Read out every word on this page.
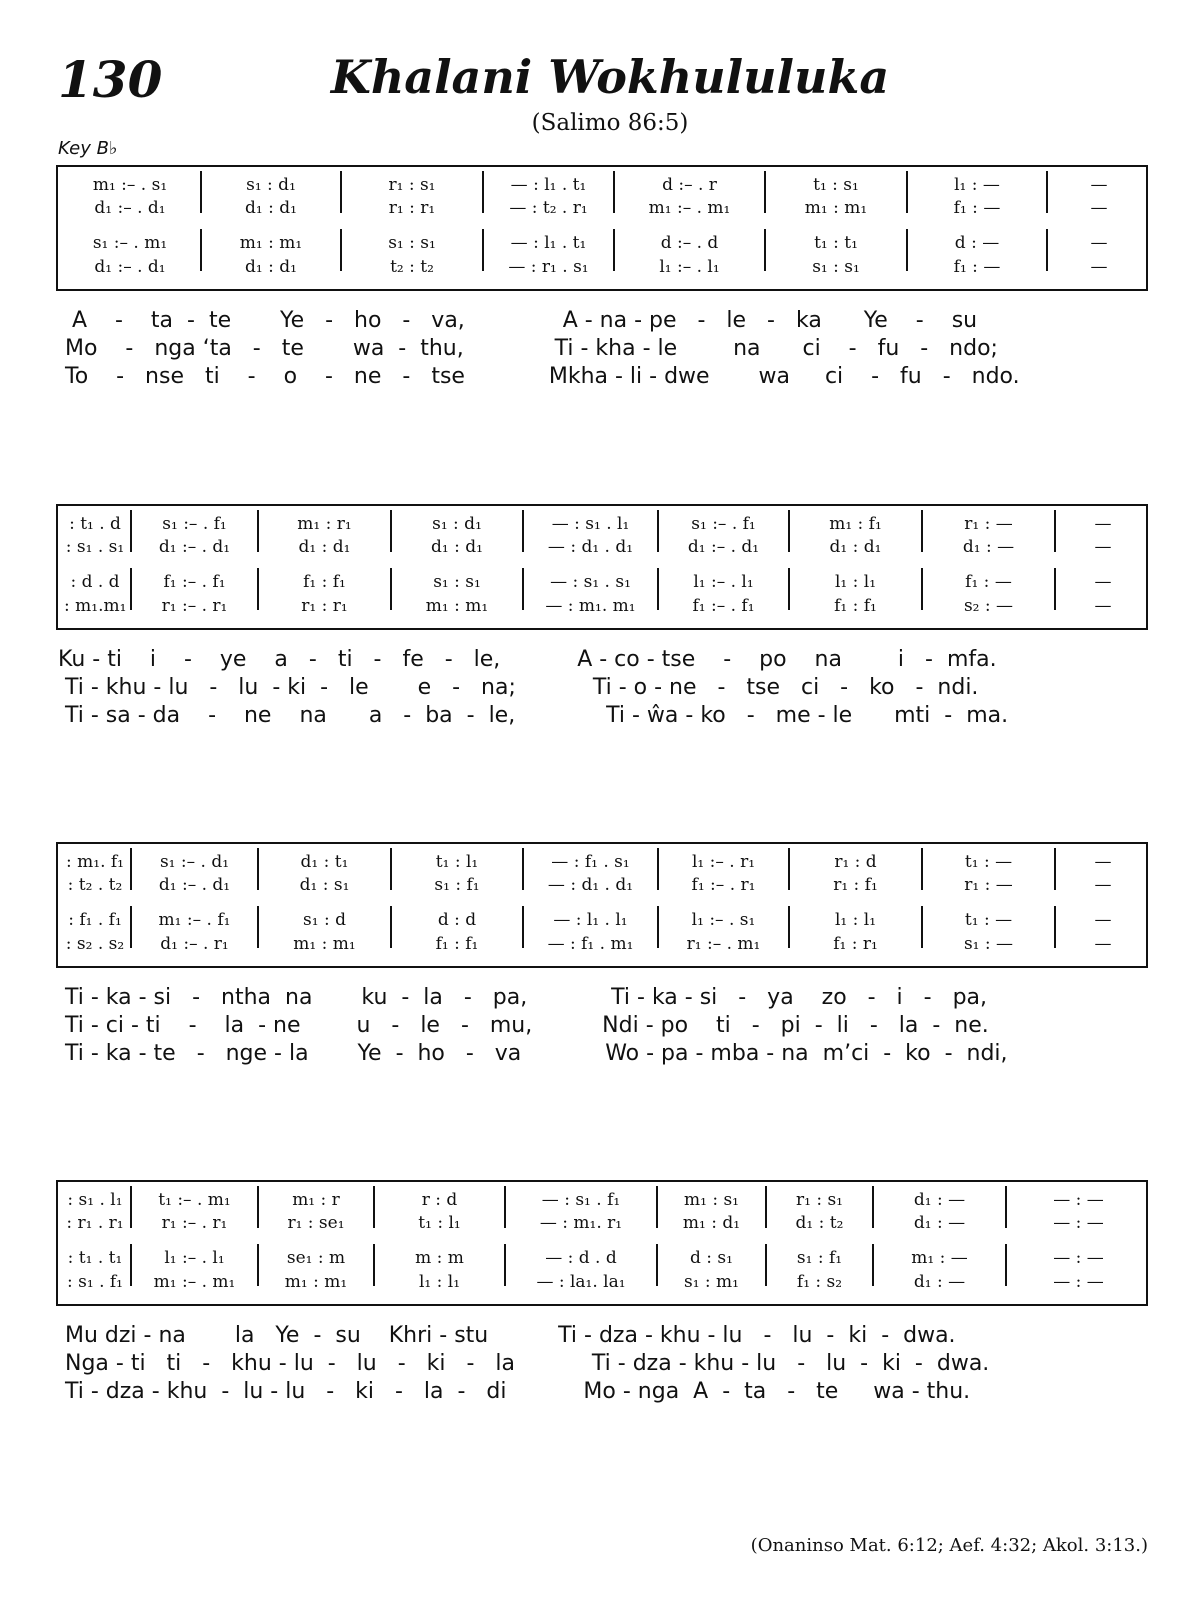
130	Khalani Wokhululuka
(Salimo 86:5)
Key B♭
m₁ :– . s₁
d₁ :– . d₁
s₁ :– . m₁
d₁ :– . d₁
s₁ : d₁
d₁ : d₁
m₁ : m₁
d₁ : d₁
r₁ : s₁
r₁ : r₁
s₁ : s₁
t₂ : t₂
— : l₁ . t₁
— : t₂ . r₁
— : l₁ . t₁
— : r₁ . s₁
d :– . r
m₁ :– . m₁
d :– . d
l₁ :– . l₁
t₁ : s₁
m₁ : m₁
t₁ : t₁
s₁ : s₁
l₁ : —
f₁ : —
d : —
f₁ : —
—
—
—
—
A    -    ta  -  te       Ye   -   ho   -   va,              A - na - pe   -   le   -   ka      Ye    -    su
Mo    -   nga ‘ta   -   te       wa  -  thu,             Ti - kha - le        na      ci    -   fu   -   ndo;
To    -   nse   ti    -    o    -   ne   -   tse            Mkha - li - dwe       wa     ci    -   fu   -   ndo.
: t₁ . d
: s₁ . s₁
: d . d
: m₁.m₁
s₁ :– . f₁
d₁ :– . d₁
f₁ :– . f₁
r₁ :– . r₁
m₁ : r₁
d₁ : d₁
f₁ : f₁
r₁ : r₁
s₁ : d₁
d₁ : d₁
s₁ : s₁
m₁ : m₁
— : s₁ . l₁
— : d₁ . d₁
— : s₁ . s₁
— : m₁. m₁
s₁ :– . f₁
d₁ :– . d₁
l₁ :– . l₁
f₁ :– . f₁
m₁ : f₁
d₁ : d₁
l₁ : l₁
f₁ : f₁
r₁ : —
d₁ : —
f₁ : —
s₂ : —
—
—
—
—
Ku - ti    i    -    ye    a   -   ti   -   fe   -   le,           A - co - tse    -    po    na        i   -  mfa.
Ti - khu - lu   -   lu  - ki  -   le       e   -   na;           Ti - o - ne   -   tse   ci   -   ko   -  ndi.
Ti - sa - da    -    ne    na      a   -  ba  -  le,             Ti - ŵa - ko   -   me - le      mti  -  ma.
: m₁. f₁
: t₂ . t₂
: f₁ . f₁
: s₂ . s₂
s₁ :– . d₁
d₁ :– . d₁
m₁ :– . f₁
d₁ :– . r₁
d₁ : t₁
d₁ : s₁
s₁ : d
m₁ : m₁
t₁ : l₁
s₁ : f₁
d : d
f₁ : f₁
— : f₁ . s₁
— : d₁ . d₁
— : l₁ . l₁
— : f₁ . m₁
l₁ :– . r₁
f₁ :– . r₁
l₁ :– . s₁
r₁ :– . m₁
r₁ : d
r₁ : f₁
l₁ : l₁
f₁ : r₁
t₁ : —
r₁ : —
t₁ : —
s₁ : —
—
—
—
—
Ti - ka - si   -   ntha  na       ku  -  la   -   pa,            Ti - ka - si   -   ya    zo   -   i   -   pa,
Ti - ci - ti    -    la  - ne        u   -   le   -   mu,          Ndi - po    ti   -   pi  -  li   -   la  -  ne.
Ti - ka - te   -   nge - la       Ye  -  ho   -   va            Wo - pa - mba - na  m’ci  -  ko  -  ndi,
: s₁ . l₁
: r₁ . r₁
: t₁ . t₁
: s₁ . f₁
t₁ :– . m₁
r₁ :– . r₁
l₁ :– . l₁
m₁ :– . m₁
m₁ : r
r₁ : se₁
se₁ : m
m₁ : m₁
r : d
t₁ : l₁
m : m
l₁ : l₁
— : s₁ . f₁
— : m₁. r₁
— : d . d
— : la₁. la₁
m₁ : s₁
m₁ : d₁
d : s₁
s₁ : m₁
r₁ : s₁
d₁ : t₂
s₁ : f₁
f₁ : s₂
d₁ : —
d₁ : —
m₁ : —
d₁ : —
— : —
— : —
— : —
— : —
Mu dzi - na       la   Ye  -  su    Khri - stu          Ti - dza - khu - lu   -   lu  -  ki  -  dwa.
Nga - ti   ti   -   khu - lu  -   lu   -   ki   -   la           Ti - dza - khu - lu   -   lu  -  ki  -  dwa.
Ti - dza - khu  -  lu - lu   -   ki   -   la  -   di           Mo - nga  A  -  ta   -   te     wa - thu.
(Onaninso Mat. 6:12; Aef. 4:32; Akol. 3:13.)
